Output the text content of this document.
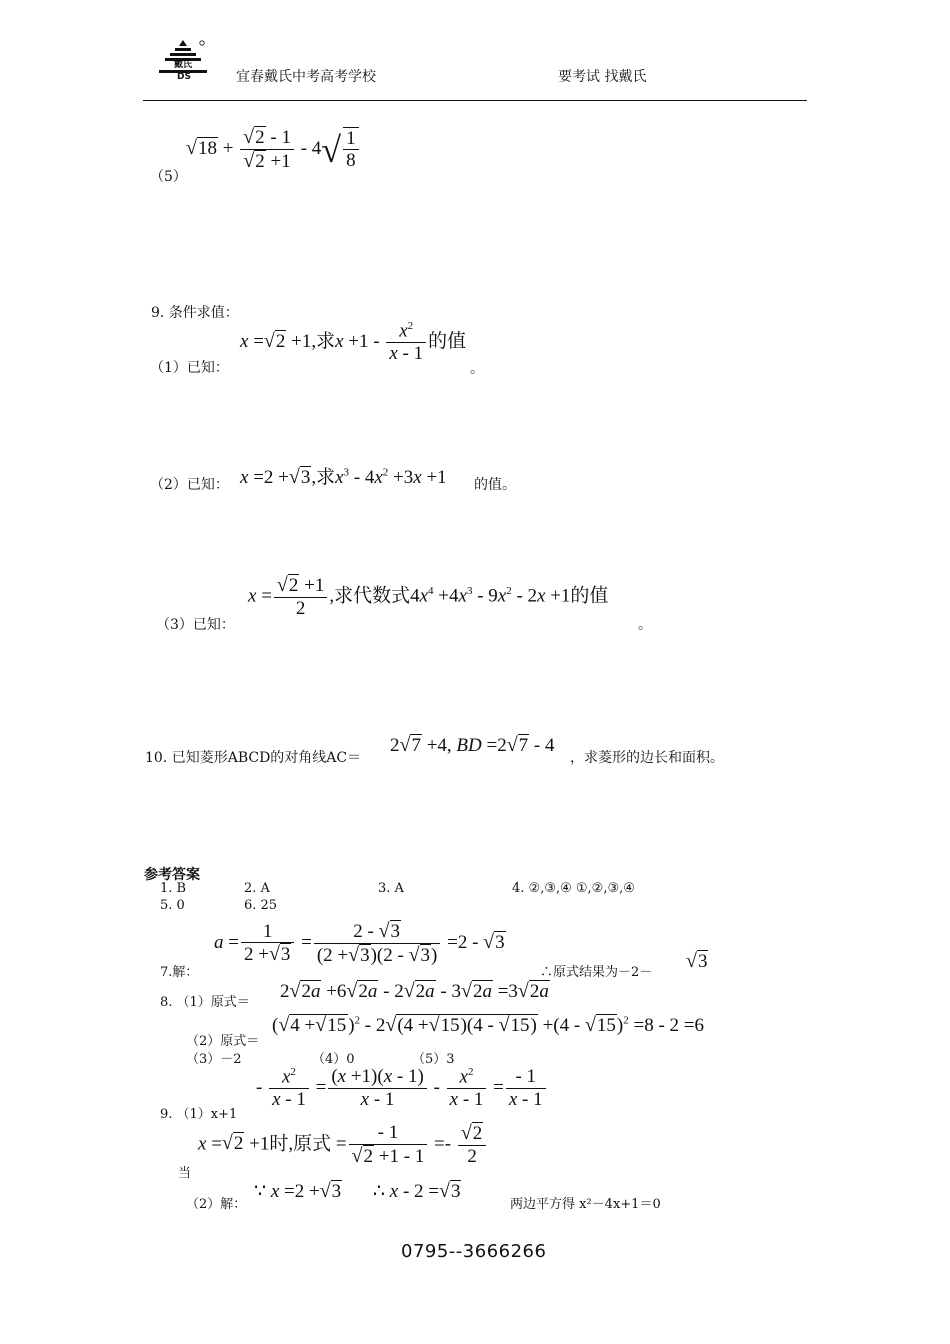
戴氏
DS	宜春戴氏中考高考学校	要考试 找戴氏
（5）
$√18 + \frac{√2 - 1}{√2 +1} - 4√ \frac{1}{8}$
9. 条件求值：
（1）已知：
x =√2 +1,求$x +1 - \frac{x^2}{x - 1}$ 的值
。
（2）已知： x =2 +√3,求$x^3 - 4x^2 +3x +1$ 的值。
（3）已知：
$x = \frac{√2 +1}{2}$ ,求代数式$4x^4 +4x^3 - 9x^2 - 2x +1$的值
。
10. 已知菱形ABCD的对角线AC＝
2√7 +4, BD =2√7 - 4
，求菱形的边长和面积。
参考答案
1. B	2. A	3. A	4. ②,③,④ ①,②,③,④
5. 0	6. 25
7.解：
$a = \frac{1}{2 +√3} = \frac{2 - √3}{(2 +√3)(2 - √3)} =2 - √3$
∴原式结果为－2－
√3
8. （1）原式＝
2√2a +6√2a - 2√2a - 3√2a =3√2a
（2）原式＝
(√4 +√15 )$^2$ - 2√(4 +√15)(4 - √15) +(4 - √15)$^2$ =8 - 2 =6
（3）－2	（4）0	（5）3
9. （1）x+1
- $\frac{x^2}{x - 1} = \frac{(x +1)(x - 1)}{x - 1} - \frac{x^2}{x - 1} = \frac{- 1}{x - 1}$
x =√2 +1时,原式 = $\frac{- 1}{√2 +1 - 1} =- \frac{√2}{2}$
当
（2）解：
∵ x =2 +√3 ∴ x - 2 =√3
两边平方得 x²－4x+1＝0
0795--3666266
